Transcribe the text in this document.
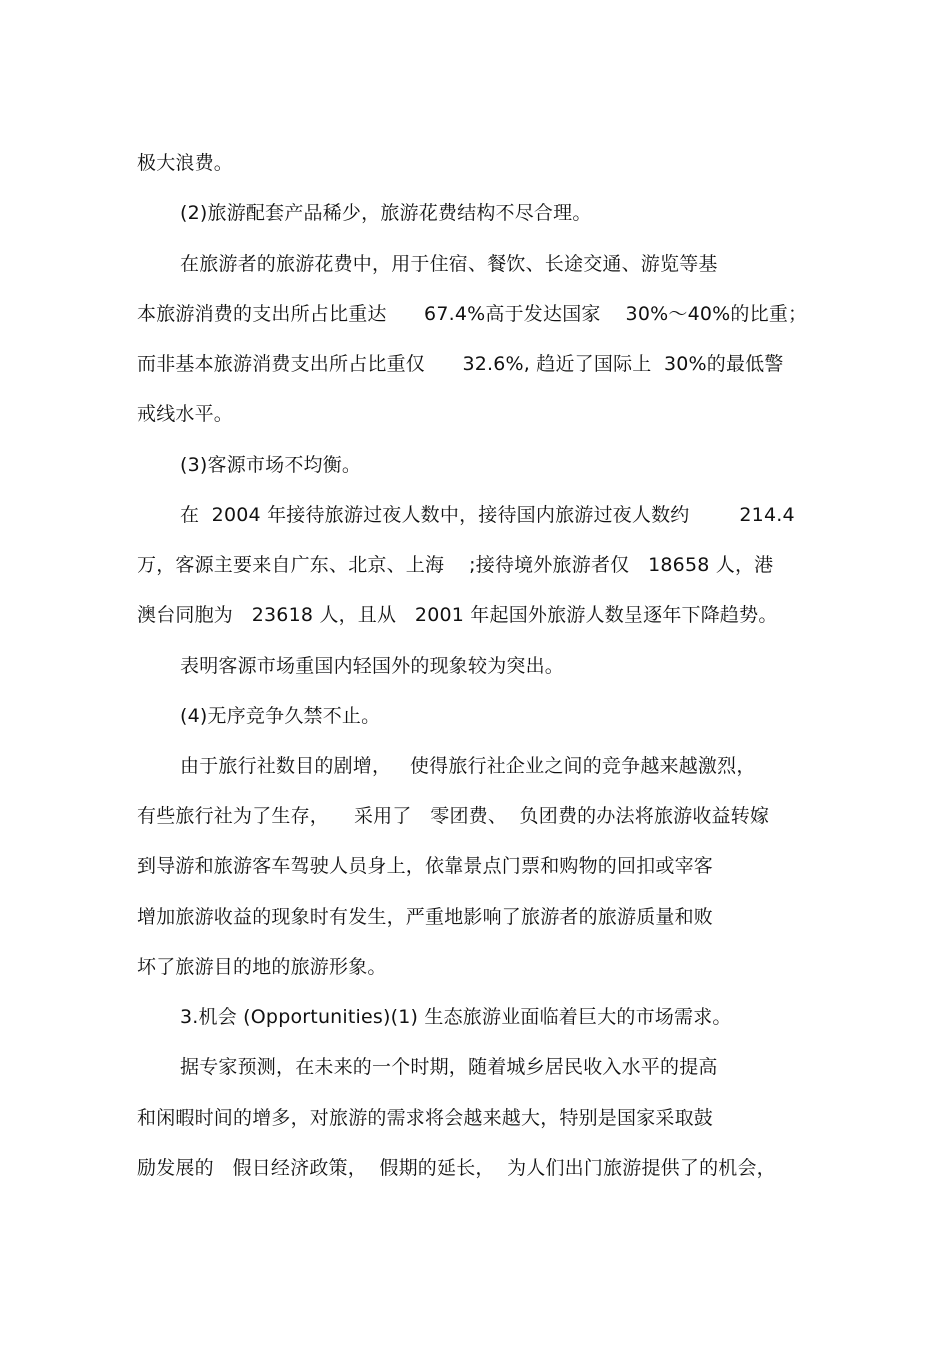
极大浪费。
(2)旅游配套产品稀少，旅游花费结构不尽合理。
在旅游者的旅游花费中，用于住宿、餐饮、长途交通、游览等基
本旅游消费的支出所占比重达      67.4%高于发达国家    30%～40%的比重；
而非基本旅游消费支出所占比重仅      32.6%, 趋近了国际上  30%的最低警
戒线水平。
(3)客源市场不均衡。
在  2004 年接待旅游过夜人数中，接待国内旅游过夜人数约        214.4
万，客源主要来自广东、北京、上海    ;接待境外旅游者仅   18658 人，港
澳台同胞为   23618 人，且从   2001 年起国外旅游人数呈逐年下降趋势。
表明客源市场重国内轻国外的现象较为突出。
(4)无序竞争久禁不止。
由于旅行社数目的剧增，   使得旅行社企业之间的竞争越来越激烈，
有些旅行社为了生存，    采用了   零团费、  负团费的办法将旅游收益转嫁
到导游和旅游客车驾驶人员身上，依靠景点门票和购物的回扣或宰客
增加旅游收益的现象时有发生，严重地影响了旅游者的旅游质量和败
坏了旅游目的地的旅游形象。
3.机会 (Opportunities)(1) 生态旅游业面临着巨大的市场需求。
据专家预测，在未来的一个时期，随着城乡居民收入水平的提高
和闲暇时间的增多，对旅游的需求将会越来越大，特别是国家采取鼓
励发展的   假日经济政策，  假期的延长，  为人们出门旅游提供了的机会，
